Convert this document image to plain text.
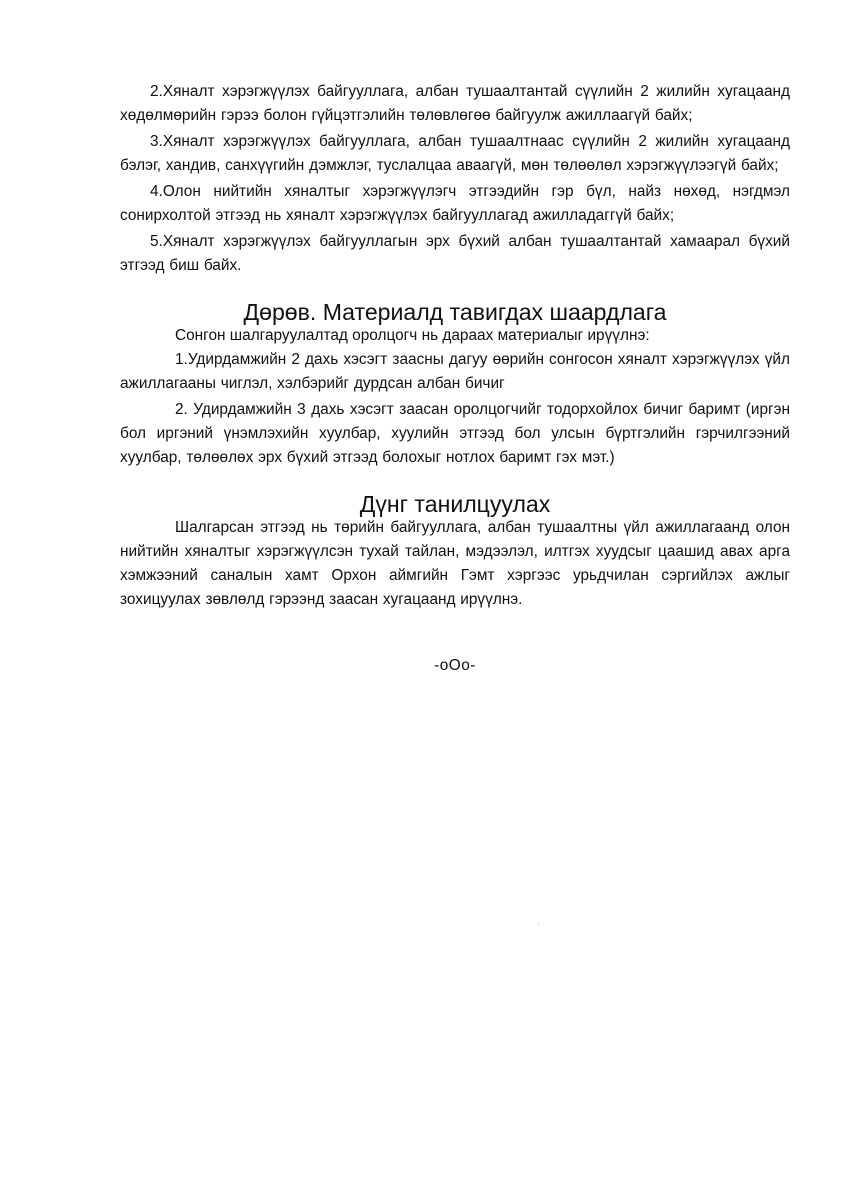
2.Хяналт хэрэгжүүлэх байгууллага, албан тушаалтантай сүүлийн 2 жилийн хугацаанд хөдөлмөрийн гэрээ болон гүйцэтгэлийн төлөвлөгөө байгуулж ажиллаагүй байх;

3.Хяналт хэрэгжүүлэх байгууллага, албан тушаалтнаас сүүлийн 2 жилийн хугацаанд бэлэг, хандив, санхүүгийн дэмжлэг, туслалцаа аваагүй, мөн төлөөлөл хэрэгжүүлээгүй байх;

4.Олон нийтийн хяналтыг хэрэгжүүлэгч этгээдийн гэр бүл, найз нөхөд, нэгдмэл сонирхолтой этгээд нь хяналт хэрэгжүүлэх байгууллагад ажилладаггүй байх;

5.Хяналт хэрэгжүүлэх байгууллагын эрх бүхий албан тушаалтантай хамаарал бүхий этгээд биш байх.

Дөрөв. Материалд тавигдах шаардлага

Сонгон шалгаруулалтад оролцогч нь дараах материалыг ирүүлнэ:

1.Удирдамжийн 2 дахь хэсэгт заасны дагуу өөрийн сонгосон хяналт хэрэгжүүлэх үйл ажиллагааны чиглэл, хэлбэрийг дурдсан албан бичиг

2. Удирдамжийн 3 дахь хэсэгт заасан оролцогчийг тодорхойлох бичиг баримт (иргэн бол иргэний үнэмлэхийн хуулбар, хуулийн этгээд бол улсын бүртгэлийн гэрчилгээний хуулбар, төлөөлөх эрх бүхий этгээд болохыг нотлох баримт гэх мэт.)

Дүнг танилцуулах

Шалгарсан этгээд нь төрийн байгууллага, албан тушаалтны үйл ажиллагаанд олон нийтийн хяналтыг хэрэгжүүлсэн тухай тайлан, мэдээлэл, илтгэх хуудсыг цаашид авах арга хэмжээний саналын хамт Орхон аймгийн Гэмт хэргээс урьдчилан сэргийлэх ажлыг зохицуулах зөвлөлд гэрээнд заасан хугацаанд ирүүлнэ.

-оОо-
